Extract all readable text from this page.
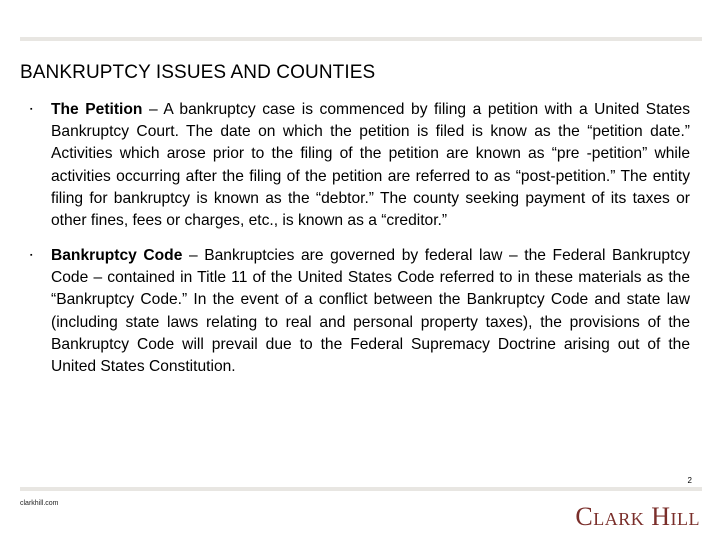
BANKRUPTCY ISSUES AND COUNTIES
▪	The Petition – A bankruptcy case is commenced by filing a petition with a United States Bankruptcy Court. The date on which the petition is filed is know as the “petition date.” Activities which arose prior to the filing of the petition are known as “pre -petition” while activities occurring after the filing of the petition are referred to as “post-petition.” The entity filing for bankruptcy is known as the “debtor.” The county seeking payment of its taxes or other fines, fees or charges, etc., is known as a “creditor.”

▪	Bankruptcy Code – Bankruptcies are governed by federal law – the Federal Bankruptcy Code – contained in Title 11 of the United States Code referred to in these materials as the “Bankruptcy Code.” In the event of a conflict between the Bankruptcy Code and state law (including state laws relating to real and personal property taxes), the provisions of the Bankruptcy Code will prevail due to the Federal Supremacy Doctrine arising out of the United States Constitution.

2
clarkhill.com	Clark Hill
